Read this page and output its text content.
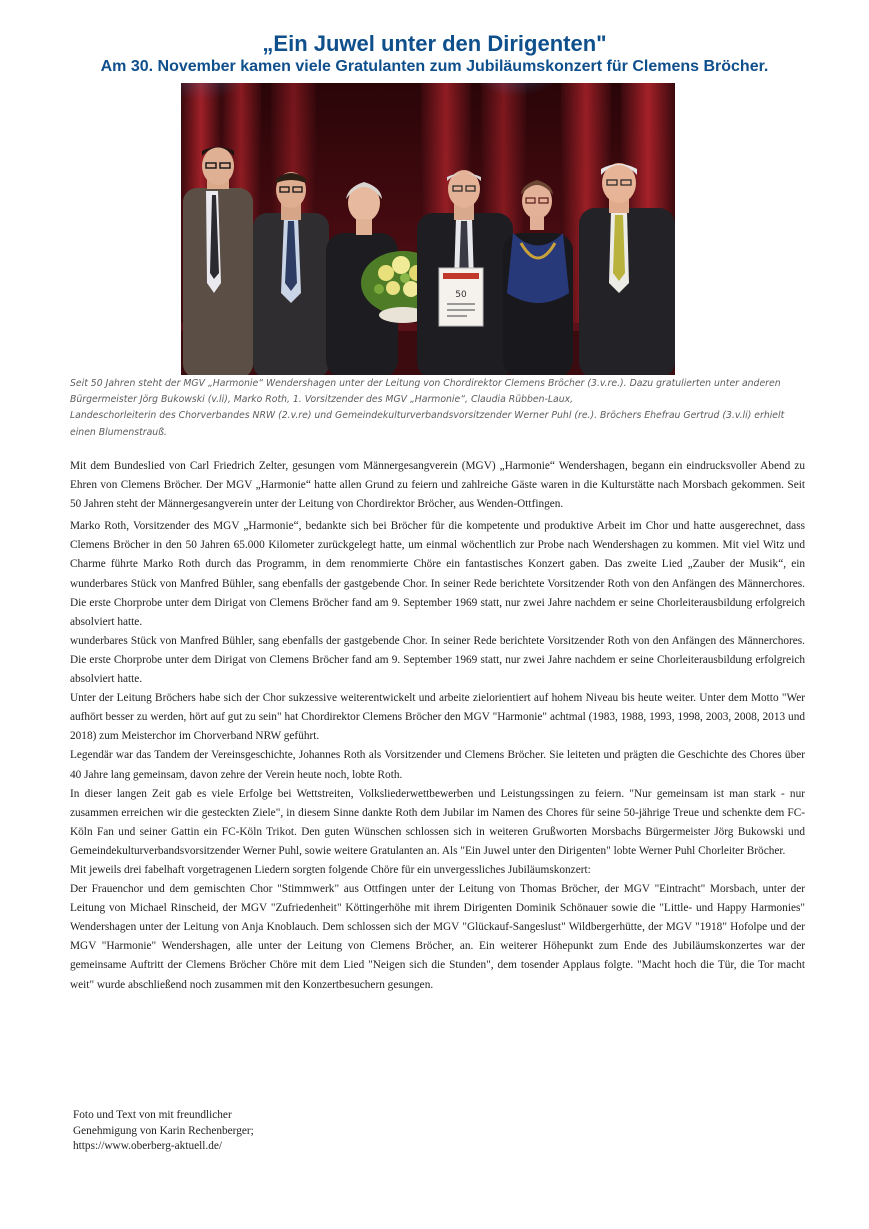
„Ein Juwel unter den Dirigenten"
Am 30. November kamen viele Gratulanten zum Jubiläumskonzert für Clemens Bröcher.
50
Seit 50 Jahren steht der MGV „Harmonie“ Wendershagen unter der Leitung von Chordirektor Clemens Bröcher (3.v.re.). Dazu gratulierten unter anderen
Bürgermeister Jörg Bukowski (v.li), Marko Roth, 1. Vorsitzender des MGV „Harmonie“, Claudia Rübben-Laux,
Landeschorleiterin des Chorverbandes NRW (2.v.re) und Gemeindekulturverbandsvorsitzender Werner Puhl (re.). Bröchers Ehefrau Gertrud (3.v.li) erhielt
einen Blumenstrauß.

Mit dem Bundeslied von Carl Friedrich Zelter, gesungen vom Männergesangverein (MGV) „Harmonie“ Wendershagen, begann ein eindrucksvoller Abend zu Ehren von Clemens Bröcher. Der MGV „Harmonie“ hatte allen Grund zu feiern und zahlreiche Gäste waren in die Kulturstätte nach Morsbach gekommen. Seit 50 Jahren steht der Männergesangverein unter der Leitung von Chordirektor Bröcher, aus Wenden-Ottfingen.

Marko Roth, Vorsitzender des MGV „Harmonie“, bedankte sich bei Bröcher für die kompetente und produktive Arbeit im Chor und hatte ausgerechnet, dass Clemens Bröcher in den 50 Jahren 65.000 Kilometer zurückgelegt hatte, um einmal wöchentlich zur Probe nach Wendershagen zu kommen. Mit viel Witz und Charme führte Marko Roth durch das Programm, in dem renommierte Chöre ein fantastisches Konzert gaben. Das zweite Lied „Zauber der Musik“, ein wunderbares Stück von Manfred Bühler, sang ebenfalls der gastgebende Chor. In seiner Rede berichtete Vorsitzender Roth von den Anfängen des Männerchores. Die erste Chorprobe unter dem Dirigat von Clemens Bröcher fand am 9. September 1969 statt, nur zwei Jahre nachdem er seine Chorleiterausbildung erfolgreich absolviert hatte.

wunderbares Stück von Manfred Bühler, sang ebenfalls der gastgebende Chor. In seiner Rede berichtete Vorsitzender Roth von den Anfängen des Männerchores. Die erste Chorprobe unter dem Dirigat von Clemens Bröcher fand am 9. September 1969 statt, nur zwei Jahre nachdem er seine Chorleiterausbildung erfolgreich absolviert hatte.

Unter der Leitung Bröchers habe sich der Chor sukzessive weiterentwickelt und arbeite zielorientiert auf hohem Niveau bis heute weiter. Unter dem Motto "Wer aufhört besser zu werden, hört auf gut zu sein" hat Chordirektor Clemens Bröcher den MGV "Harmonie" achtmal (1983, 1988, 1993, 1998, 2003, 2008, 2013 und 2018) zum Meisterchor im Chorverband NRW geführt.

Legendär war das Tandem der Vereinsgeschichte, Johannes Roth als Vorsitzender und Clemens Bröcher. Sie leiteten und prägten die Geschichte des Chores über 40 Jahre lang gemeinsam, davon zehre der Verein heute noch, lobte Roth.

In dieser langen Zeit gab es viele Erfolge bei Wettstreiten, Volksliederwettbewerben und Leistungssingen zu feiern. "Nur gemeinsam ist man stark - nur zusammen erreichen wir die gesteckten Ziele", in diesem Sinne dankte Roth dem Jubilar im Namen des Chores für seine 50-jährige Treue und schenkte dem FC-Köln Fan und seiner Gattin ein FC-Köln Trikot. Den guten Wünschen schlossen sich in weiteren Grußworten Morsbachs Bürgermeister Jörg Bukowski und Gemeindekulturverbandsvorsitzender Werner Puhl, sowie weitere Gratulanten an. Als "Ein Juwel unter den Dirigenten" lobte Werner Puhl Chorleiter Bröcher.

Mit jeweils drei fabelhaft vorgetragenen Liedern sorgten folgende Chöre für ein unvergessliches Jubiläumskonzert:

Der Frauenchor und dem gemischten Chor "Stimmwerk" aus Ottfingen unter der Leitung von Thomas Bröcher, der MGV "Eintracht" Morsbach, unter der Leitung von Michael Rinscheid, der MGV "Zufriedenheit" Köttingerhöhe mit ihrem Dirigenten Dominik Schönauer sowie die "Little- und Happy Harmonies" Wendershagen unter der Leitung von Anja Knoblauch. Dem schlossen sich der MGV "Glückauf-Sangeslust" Wildbergerhütte, der MGV "1918" Hofolpe und der MGV "Harmonie" Wendershagen, alle unter der Leitung von Clemens Bröcher, an. Ein weiterer Höhepunkt zum Ende des Jubiläumskonzertes war der gemeinsame Auftritt der Clemens Bröcher Chöre mit dem Lied "Neigen sich die Stunden", dem tosender Applaus folgte. "Macht hoch die Tür, die Tor macht weit" wurde abschließend noch zusammen mit den Konzertbesuchern gesungen.

Foto und Text von mit freundlicher
Genehmigung von Karin Rechenberger;
https://www.oberberg-aktuell.de/
